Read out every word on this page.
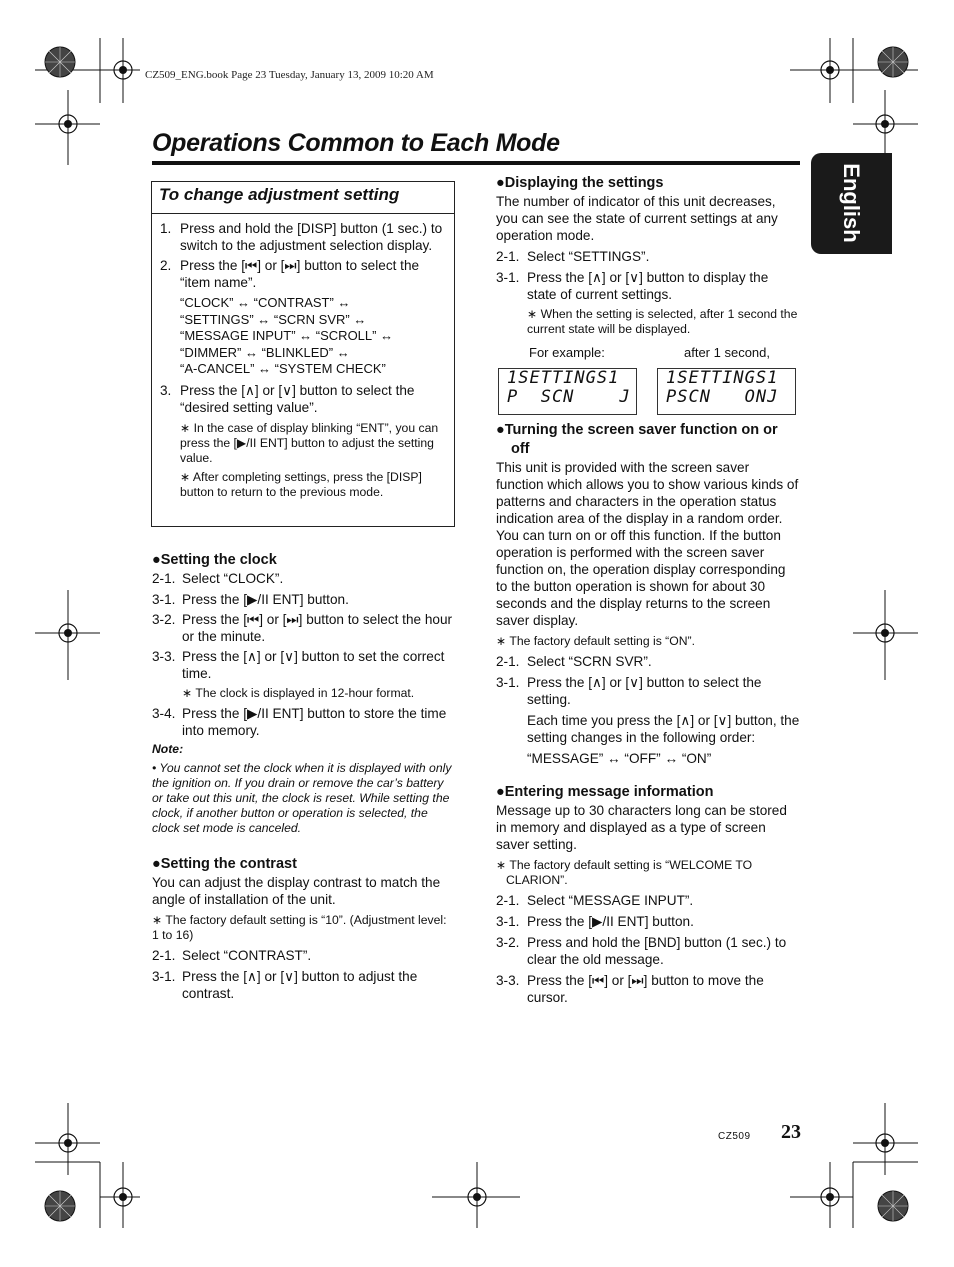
CZ509_ENG.book Page 23 Tuesday, January 13, 2009 10:20 AM
Operations Common to Each Mode
English
To change adjustment setting
1. Press and hold the [DISP] button (1 sec.) to switch to the adjustment selection display.

2. Press the [⏮] or [⏭] button to select the “item name”.

“CLOCK” ↔ “CONTRAST” ↔

“SETTINGS” ↔ “SCRN SVR” ↔

“MESSAGE INPUT” ↔ “SCROLL” ↔

“DIMMER” ↔ “BLINKLED” ↔

“A-CANCEL” ↔ “SYSTEM CHECK”

3. Press the [∧] or [∨] button to select the “desired setting value”.

∗ In the case of display blinking “ENT”, you can press the [▶/II ENT] button to adjust the setting value.

∗ After completing settings, press the [DISP] button to return to the previous mode.

●Setting the clock

2-1. Select “CLOCK”.

3-1. Press the [▶/II ENT] button.

3-2. Press the [⏮] or [⏭] button to select the hour or the minute.

3-3. Press the [∧] or [∨] button to set the correct time.

∗ The clock is displayed in 12-hour format.

3-4. Press the [▶/II ENT] button to store the time into memory.

Note:

• You cannot set the clock when it is displayed with only the ignition on. If you drain or remove the car’s battery or take out this unit, the clock is reset. While setting the clock, if another button or operation is selected, the clock set mode is canceled.

●Setting the contrast

You can adjust the display contrast to match the angle of installation of the unit.

∗ The factory default setting is “10”. (Adjustment level: 1 to 16)

2-1. Select “CONTRAST”.

3-1. Press the [∧] or [∨] button to adjust the contrast.

●Displaying the settings

The number of indicator of this unit decreases, you can see the state of current settings at any operation mode.

2-1. Select “SETTINGS”.

3-1. Press the [∧] or [∨] button to display the state of current settings.

∗ When the setting is selected, after 1 second the current state will be displayed.

For example:	after 1 second,
1SETTINGS1
P  SCN    J
1SETTINGS1
PSCN   ONJ

●Turning the screen saver function on or off

This unit is provided with the screen saver function which allows you to show various kinds of patterns and characters in the operation status indication area of the display in a random order. You can turn on or off this function. If the button operation is performed with the screen saver function on, the operation display corresponding to the button operation is shown for about 30 seconds and the display returns to the screen saver display.

∗ The factory default setting is “ON”.

2-1. Select “SCRN SVR”.

3-1. Press the [∧] or [∨] button to select the setting.

Each time you press the [∧] or [∨] button, the setting changes in the following order:

“MESSAGE” ↔ “OFF” ↔ “ON”

●Entering message information

Message up to 30 characters long can be stored in memory and displayed as a type of screen saver setting.

∗ The factory default setting is “WELCOME TO CLARION”.

2-1. Select “MESSAGE INPUT”.

3-1. Press the [▶/II ENT] button.

3-2. Press and hold the [BND] button (1 sec.) to clear the old message.

3-3. Press the [⏮] or [⏭] button to move the cursor.

CZ509 23
